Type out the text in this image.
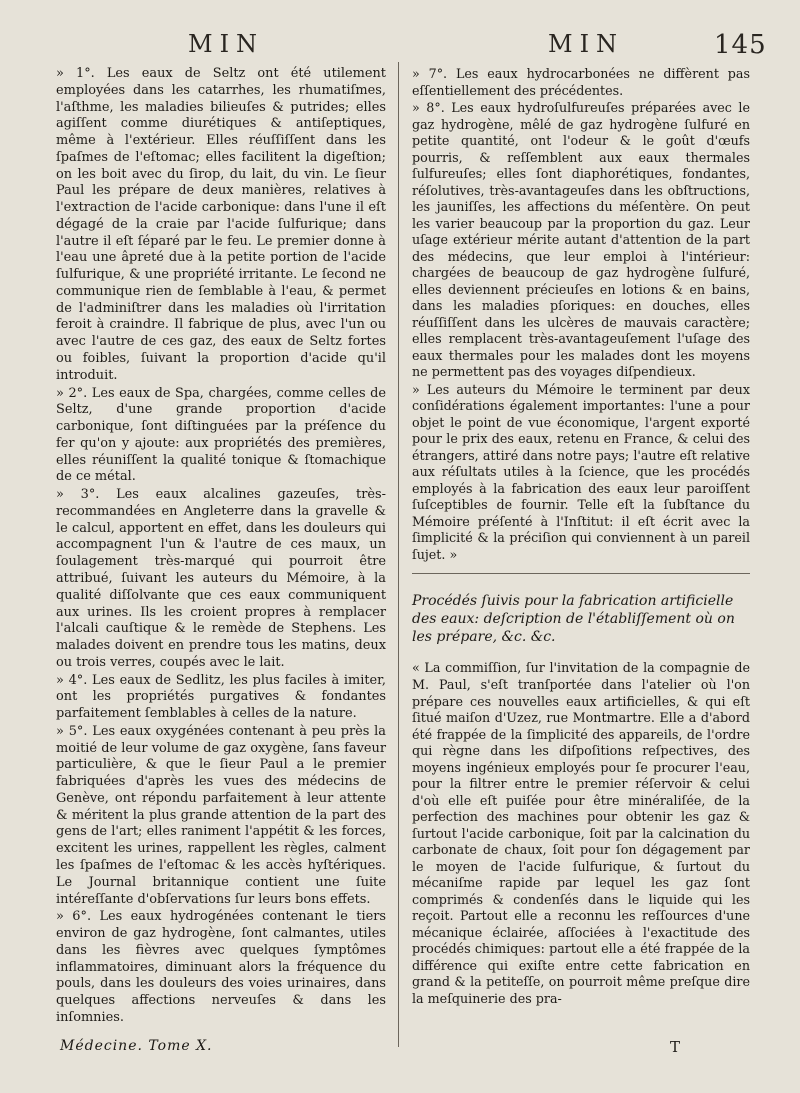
MIN	MIN	145

» 1°. Les eaux de Seltz ont été utilement employées dans les catarrhes, les rhumatiſmes, l'aſthme, les maladies bilieuſes & putrides; elles agiſſent comme diurétiques & antiſeptiques, même à l'extérieur. Elles réuſſiſſent dans les ſpaſmes de l'eſtomac; elles facilitent la digeſtion; on les boit avec du ſirop, du lait, du vin. Le ſieur Paul les prépare de deux manières, relatives à l'extraction de l'acide carbonique: dans l'une il eſt dégagé de la craie par l'acide ſulfurique; dans l'autre il eſt ſéparé par le feu. Le premier donne à l'eau une âpreté due à la petite portion de l'acide ſulfurique, & une propriété irritante. Le ſecond ne communique rien de ſemblable à l'eau, & permet de l'adminiſtrer dans les maladies où l'irritation feroit à craindre. Il fabrique de plus, avec l'un ou avec l'autre de ces gaz, des eaux de Seltz fortes ou foibles, ſuivant la proportion d'acide qu'il introduit.

» 2°. Les eaux de Spa, chargées, comme celles de Seltz, d'une grande proportion d'acide carbonique, ſont diſtinguées par la préſence du fer qu'on y ajoute: aux propriétés des premières, elles réuniſſent la qualité tonique & ſtomachique de ce métal.

» 3°. Les eaux alcalines gazeuſes, très-recommandées en Angleterre dans la gravelle & le calcul, apportent en effet, dans les douleurs qui accompagnent l'un & l'autre de ces maux, un ſoulagement très-marqué qui pourroit être attribué, ſuivant les auteurs du Mémoire, à la qualité diſſolvante que ces eaux communiquent aux urines. Ils les croient propres à remplacer l'alcali cauſtique & le remède de Stephens. Les malades doivent en prendre tous les matins, deux ou trois verres, coupés avec le lait.

» 4°. Les eaux de Sedlitz, les plus faciles à imiter, ont les propriétés purgatives & fondantes parfaitement ſemblables à celles de la nature.

» 5°. Les eaux oxygénées contenant à peu près la moitié de leur volume de gaz oxygène, ſans faveur particulière, & que le ſieur Paul a le premier fabriquées d'après les vues des médecins de Genève, ont répondu parfaitement à leur attente & méritent la plus grande attention de la part des gens de l'art; elles raniment l'appétit & les forces, excitent les urines, rappellent les règles, calment les ſpaſmes de l'eſtomac & les accès hyſtériques. Le Journal britannique contient une ſuite intéreſſante d'obſervations ſur leurs bons effets.

» 6°. Les eaux hydrogénées contenant le tiers environ de gaz hydrogène, ſont calmantes, utiles dans les fièvres avec quelques ſymptômes inflammatoires, diminuant alors la fréquence du pouls, dans les douleurs des voies urinaires, dans quelques affections nerveuſes & dans les inſomnies.

» 7°. Les eaux hydrocarbonées ne diffèrent pas eſſentiellement des précédentes.

» 8°. Les eaux hydroſulfureuſes préparées avec le gaz hydrogène, mêlé de gaz hydrogène ſulfuré en petite quantité, ont l'odeur & le goût d'œufs pourris, & reſſemblent aux eaux thermales ſulfureuſes; elles ſont diaphorétiques, fondantes, réſolutives, très-avantageuſes dans les obſtructions, les jauniſſes, les affections du méſentère. On peut les varier beaucoup par la proportion du gaz. Leur uſage extérieur mérite autant d'attention de la part des médecins, que leur emploi à l'intérieur: chargées de beaucoup de gaz hydrogène ſulfuré, elles deviennent précieuſes en lotions & en bains, dans les maladies pſoriques: en douches, elles réuſſiſſent dans les ulcères de mauvais caractère; elles remplacent très-avantageuſement l'uſage des eaux thermales pour les malades dont les moyens ne permettent pas des voyages diſpendieux.

» Les auteurs du Mémoire le terminent par deux conſidérations également importantes: l'une a pour objet le point de vue économique, l'argent exporté pour le prix des eaux, retenu en France, & celui des étrangers, attiré dans notre pays; l'autre eſt relative aux réſultats utiles à la ſcience, que les procédés employés à la fabrication des eaux leur paroiſſent ſuſceptibles de fournir. Telle eſt la ſubſtance du Mémoire préſenté à l'Inſtitut: il eſt écrit avec la ſimplicité & la préciſion qui conviennent à un pareil ſujet. »

Procédés ſuivis pour la fabrication artificielle des eaux: deſcription de l'établiſſement où on les prépare, &c. &c.

« La commiſſion, ſur l'invitation de la compagnie de M. Paul, s'eſt tranſportée dans l'atelier où l'on prépare ces nouvelles eaux artificielles, & qui eſt ſitué maiſon d'Uzez, rue Montmartre. Elle a d'abord été frappée de la ſimplicité des appareils, de l'ordre qui règne dans les diſpoſitions reſpectives, des moyens ingénieux employés pour ſe procurer l'eau, pour la filtrer entre le premier réſervoir & celui d'où elle eſt puiſée pour être minéraliſée, de la perfection des machines pour obtenir les gaz & ſurtout l'acide carbonique, ſoit par la calcination du carbonate de chaux, ſoit pour ſon dégagement par le moyen de l'acide ſulfurique, & ſurtout du mécaniſme rapide par lequel les gaz ſont comprimés & condenſés dans le liquide qui les reçoit. Partout elle a reconnu les reſſources d'une mécanique éclairée, aſſociées à l'exactitude des procédés chimiques: partout elle a été frappée de la différence qui exiſte entre cette fabrication en grand & la petiteſſe, on pourroit même preſque dire la meſquinerie des pra-

Médecine. Tome X.	T
